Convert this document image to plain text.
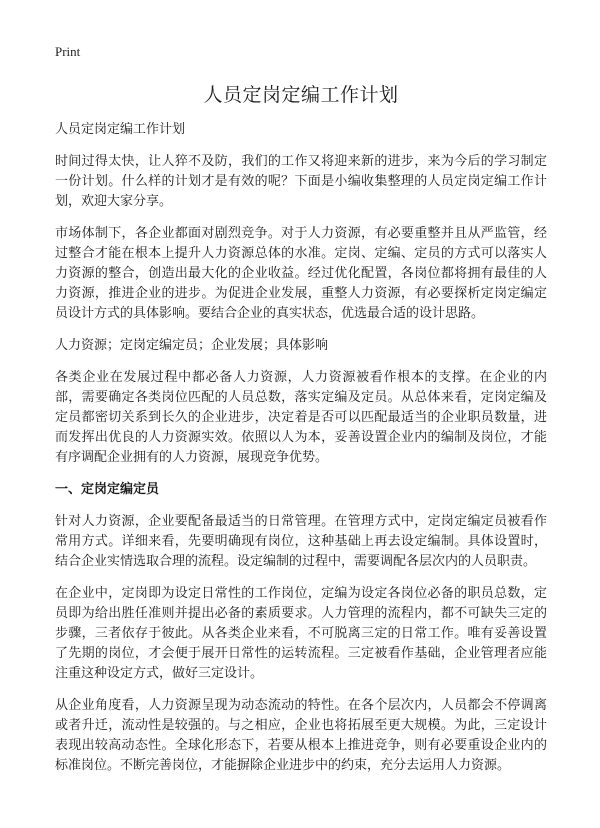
Print
人员定岗定编工作计划

人员定岗定编工作计划

时间过得太快，让人猝不及防，我们的工作又将迎来新的进步，来为今后的学习制定一份计划。什么样的计划才是有效的呢？下面是小编收集整理的人员定岗定编工作计划，欢迎大家分享。

市场体制下，各企业都面对剧烈竞争。对于人力资源，有必要重整并且从严监管，经过整合才能在根本上提升人力资源总体的水准。定岗、定编、定员的方式可以落实人力资源的整合，创造出最大化的企业收益。经过优化配置，各岗位都将拥有最佳的人力资源，推进企业的进步。为促进企业发展，重整人力资源，有必要探析定岗定编定员设计方式的具体影响。要结合企业的真实状态，优选最合适的设计思路。

人力资源；定岗定编定员；企业发展；具体影响

各类企业在发展过程中都必备人力资源，人力资源被看作根本的支撑。在企业的内部，需要确定各类岗位匹配的人员总数，落实定编及定员。从总体来看，定岗定编及定员都密切关系到长久的企业进步，决定着是否可以匹配最适当的企业职员数量，进而发挥出优良的人力资源实效。依照以人为本，妥善设置企业内的编制及岗位，才能有序调配企业拥有的人力资源，展现竞争优势。

一、定岗定编定员

针对人力资源，企业要配备最适当的日常管理。在管理方式中，定岗定编定员被看作常用方式。详细来看，先要明确现有岗位，这种基础上再去设定编制。具体设置时，结合企业实情选取合理的流程。设定编制的过程中，需要调配各层次内的人员职责。

在企业中，定岗即为设定日常性的工作岗位，定编为设定各岗位必备的职员总数，定员即为给出胜任准则并提出必备的素质要求。人力管理的流程内，都不可缺失三定的步骤，三者依存于彼此。从各类企业来看，不可脱离三定的日常工作。唯有妥善设置了先期的岗位，才会便于展开日常性的运转流程。三定被看作基础，企业管理者应能注重这种设定方式，做好三定设计。

从企业角度看，人力资源呈现为动态流动的特性。在各个层次内，人员都会不停调离或者升迁，流动性是较强的。与之相应，企业也将拓展至更大规模。为此，三定设计表现出较高动态性。全球化形态下，若要从根本上推进竞争，则有必要重设企业内的标准岗位。不断完善岗位，才能摒除企业进步中的约束，充分去运用人力资源。
